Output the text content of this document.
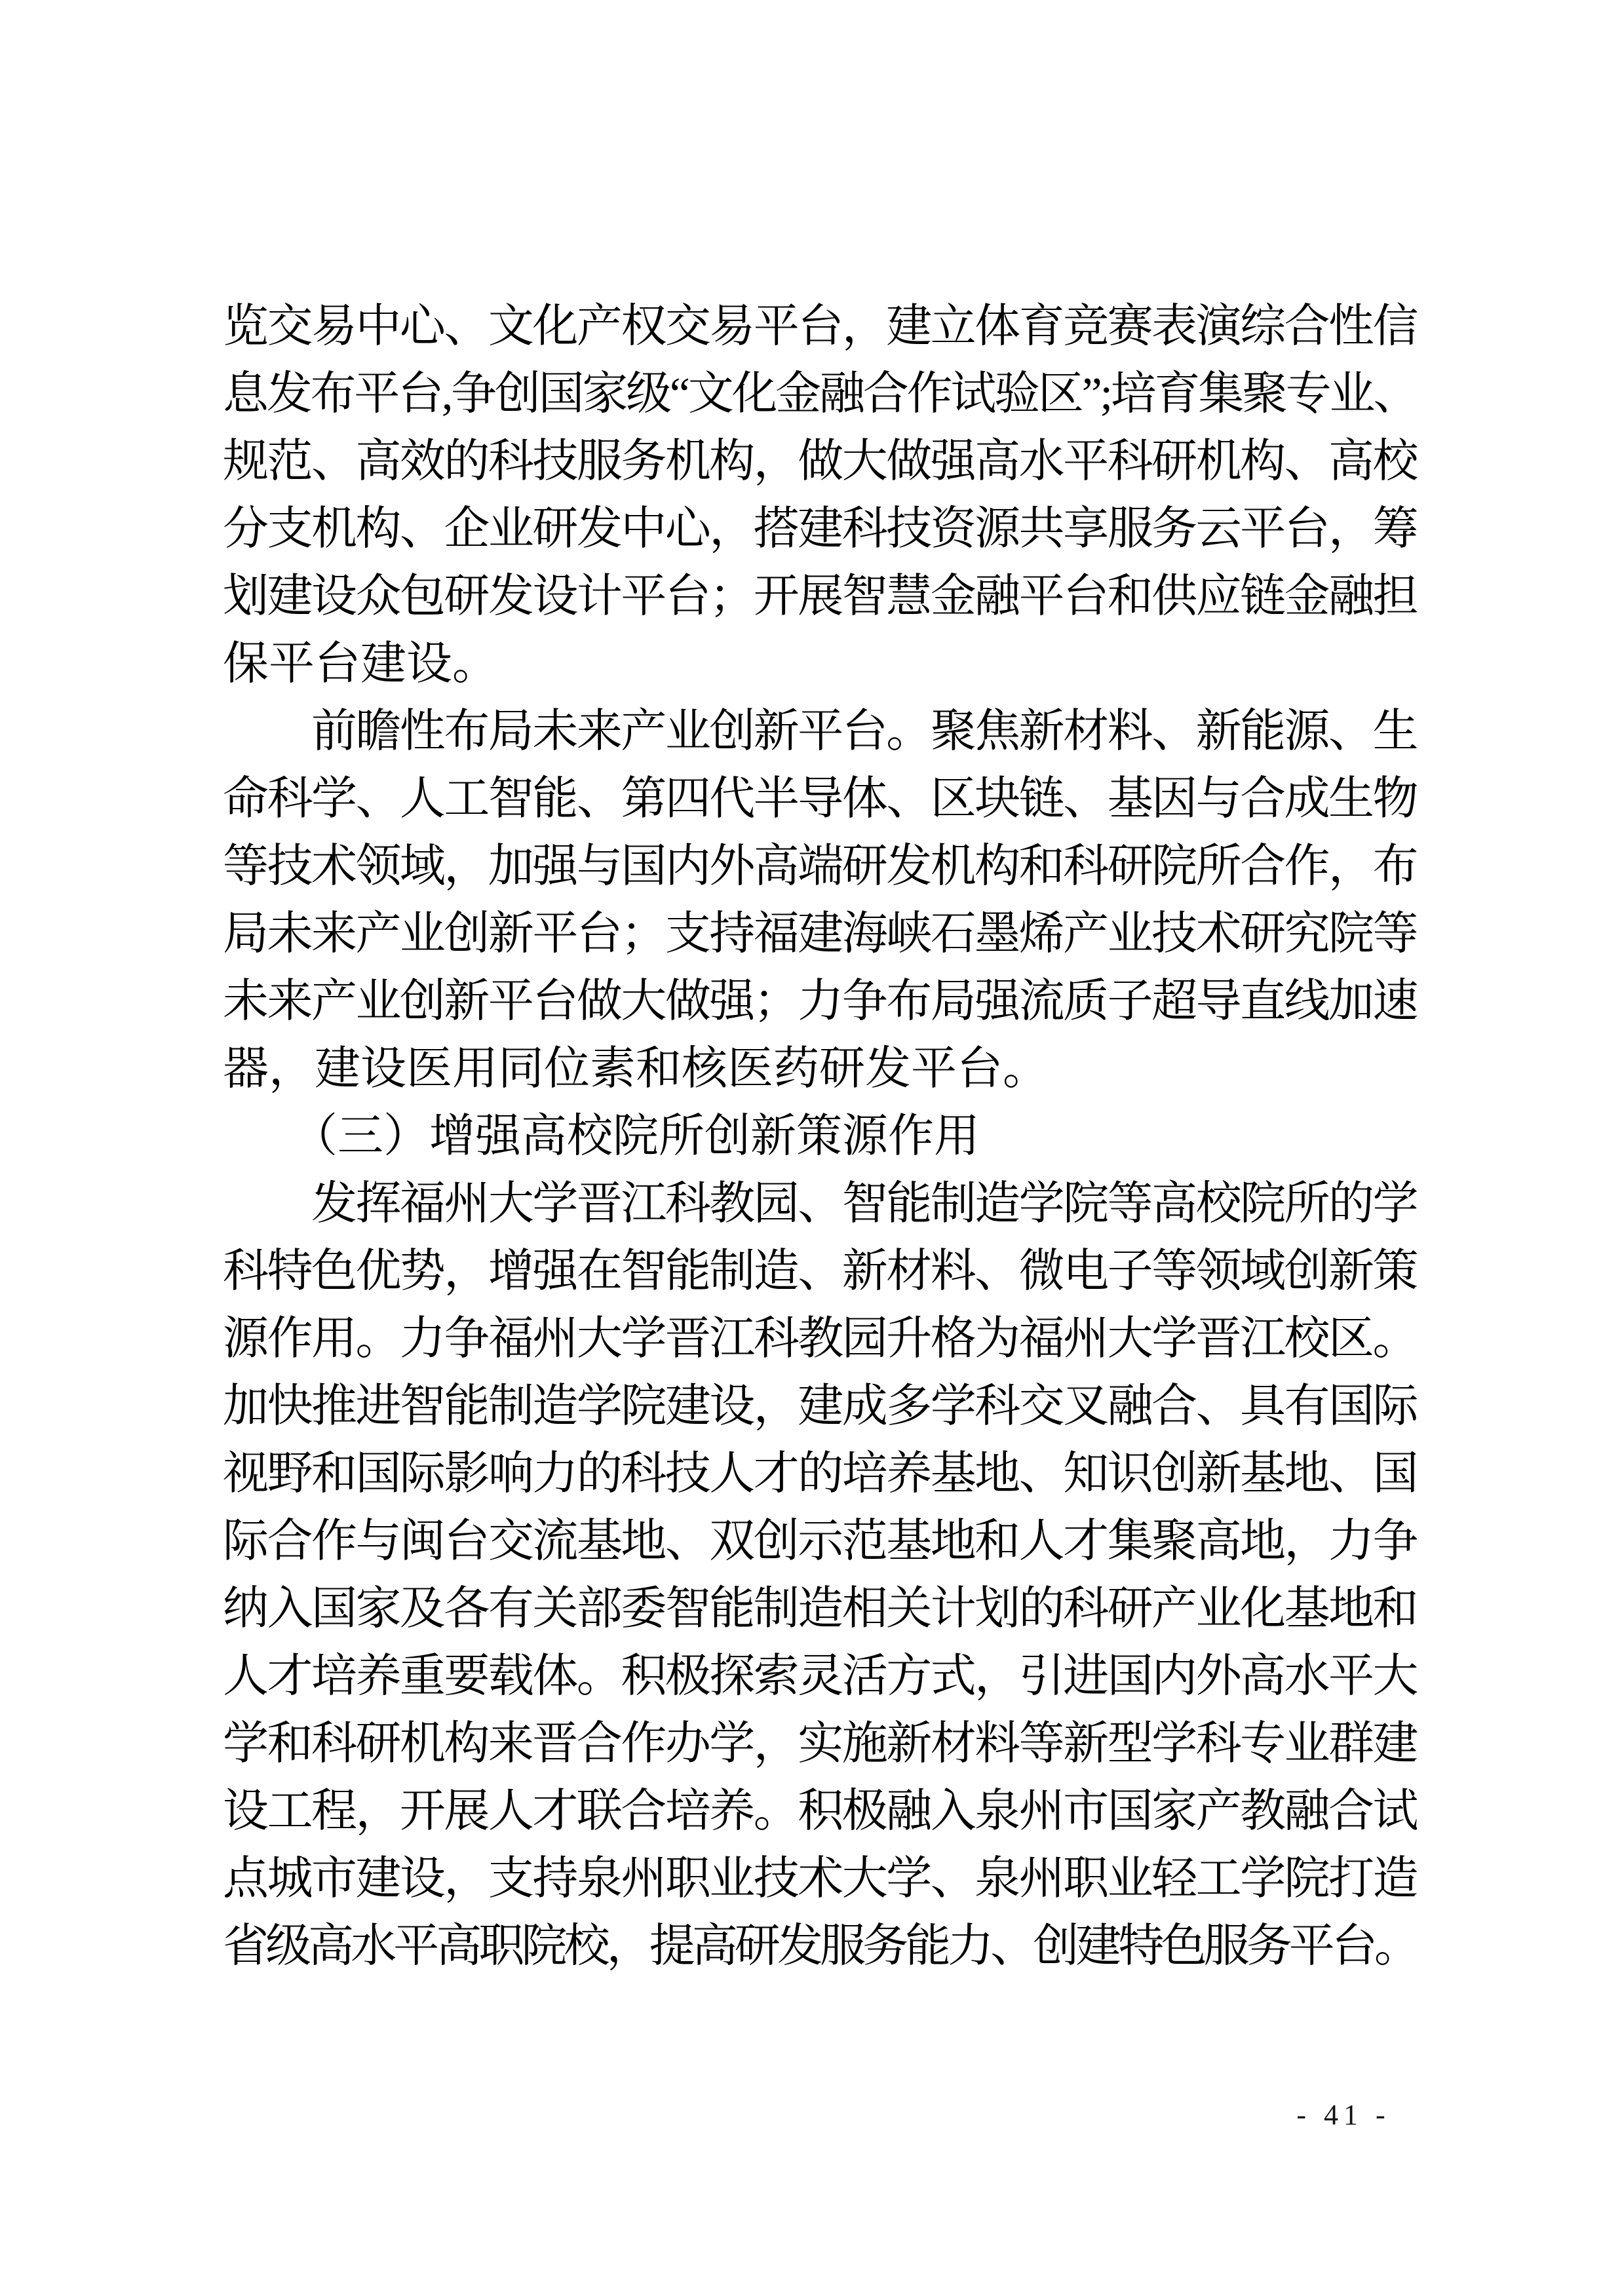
览交易中心、文化产权交易平台，建立体育竞赛表演综合性信
息发布平台,争创国家级“文化金融合作试验区”;培育集聚专业、
规范、高效的科技服务机构，做大做强高水平科研机构、高校
分支机构、企业研发中心，搭建科技资源共享服务云平台，筹
划建设众包研发设计平台；开展智慧金融平台和供应链金融担
保平台建设。
　　前瞻性布局未来产业创新平台。聚焦新材料、新能源、生
命科学、人工智能、第四代半导体、区块链、基因与合成生物
等技术领域，加强与国内外高端研发机构和科研院所合作，布
局未来产业创新平台；支持福建海峡石墨烯产业技术研究院等
未来产业创新平台做大做强；力争布局强流质子超导直线加速
器，建设医用同位素和核医药研发平台。
　　（三）增强高校院所创新策源作用
　　发挥福州大学晋江科教园、智能制造学院等高校院所的学
科特色优势，增强在智能制造、新材料、微电子等领域创新策
源作用。力争福州大学晋江科教园升格为福州大学晋江校区。
加快推进智能制造学院建设，建成多学科交叉融合、具有国际
视野和国际影响力的科技人才的培养基地、知识创新基地、国
际合作与闽台交流基地、双创示范基地和人才集聚高地，力争
纳入国家及各有关部委智能制造相关计划的科研产业化基地和
人才培养重要载体。积极探索灵活方式，引进国内外高水平大
学和科研机构来晋合作办学，实施新材料等新型学科专业群建
设工程，开展人才联合培养。积极融入泉州市国家产教融合试
点城市建设，支持泉州职业技术大学、泉州职业轻工学院打造
省级高水平高职院校，提高研发服务能力、创建特色服务平台。
- 41 -
